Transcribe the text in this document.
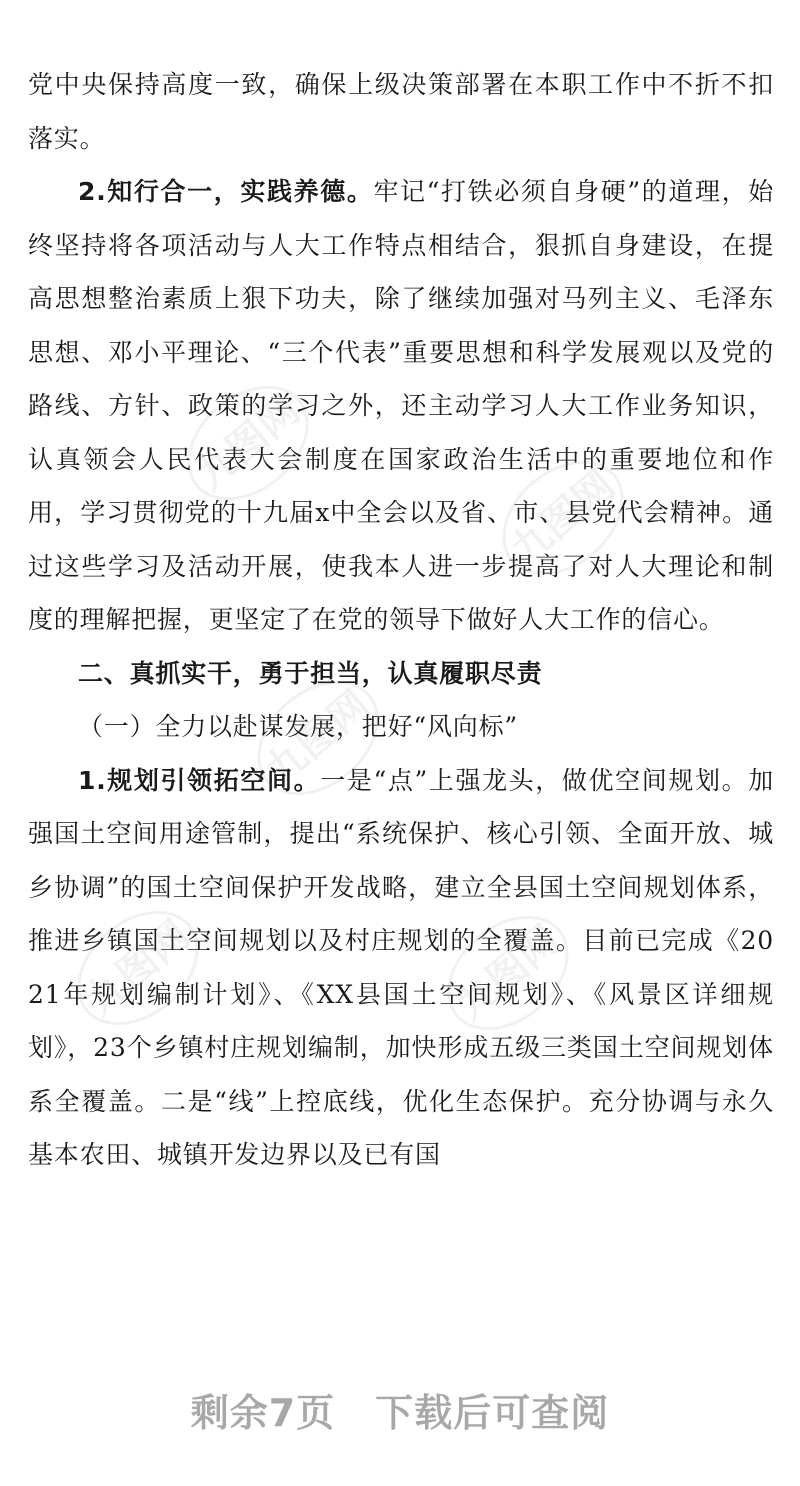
党中央保持高度一致，确保上级决策部署在本职工作中不折不扣落实。

2.知行合一，实践养德。牢记“打铁必须自身硬”的道理，始终坚持将各项活动与人大工作特点相结合，狠抓自身建设，在提高思想整治素质上狠下功夫，除了继续加强对马列主义、毛泽东思想、邓小平理论、“三个代表”重要思想和科学发展观以及党的路线、方针、政策的学习之外，还主动学习人大工作业务知识，认真领会人民代表大会制度在国家政治生活中的重要地位和作用，学习贯彻党的十九届x中全会以及省、市、县党代会精神。通过这些学习及活动开展，使我本人进一步提高了对人大理论和制度的理解把握，更坚定了在党的领导下做好人大工作的信心。

二、真抓实干，勇于担当，认真履职尽责

（一）全力以赴谋发展，把好“风向标”

1.规划引领拓空间。一是“点”上强龙头，做优空间规划。加强国土空间用途管制，提出“系统保护、核心引领、全面开放、城乡协调”的国土空间保护开发战略，建立全县国土空间规划体系，推进乡镇国土空间规划以及村庄规划的全覆盖。目前已完成《2021年规划编制计划》、《XX县国土空间规划》、《风景区详细规划》，23个乡镇村庄规划编制，加快形成五级三类国土空间规划体系全覆盖。二是“线”上控底线，优化生态保护。充分协调与永久基本农田、城镇开发边界以及已有国

九图网
九图网
九图网
九图网	九图网
剩余7页 下载后可查阅
